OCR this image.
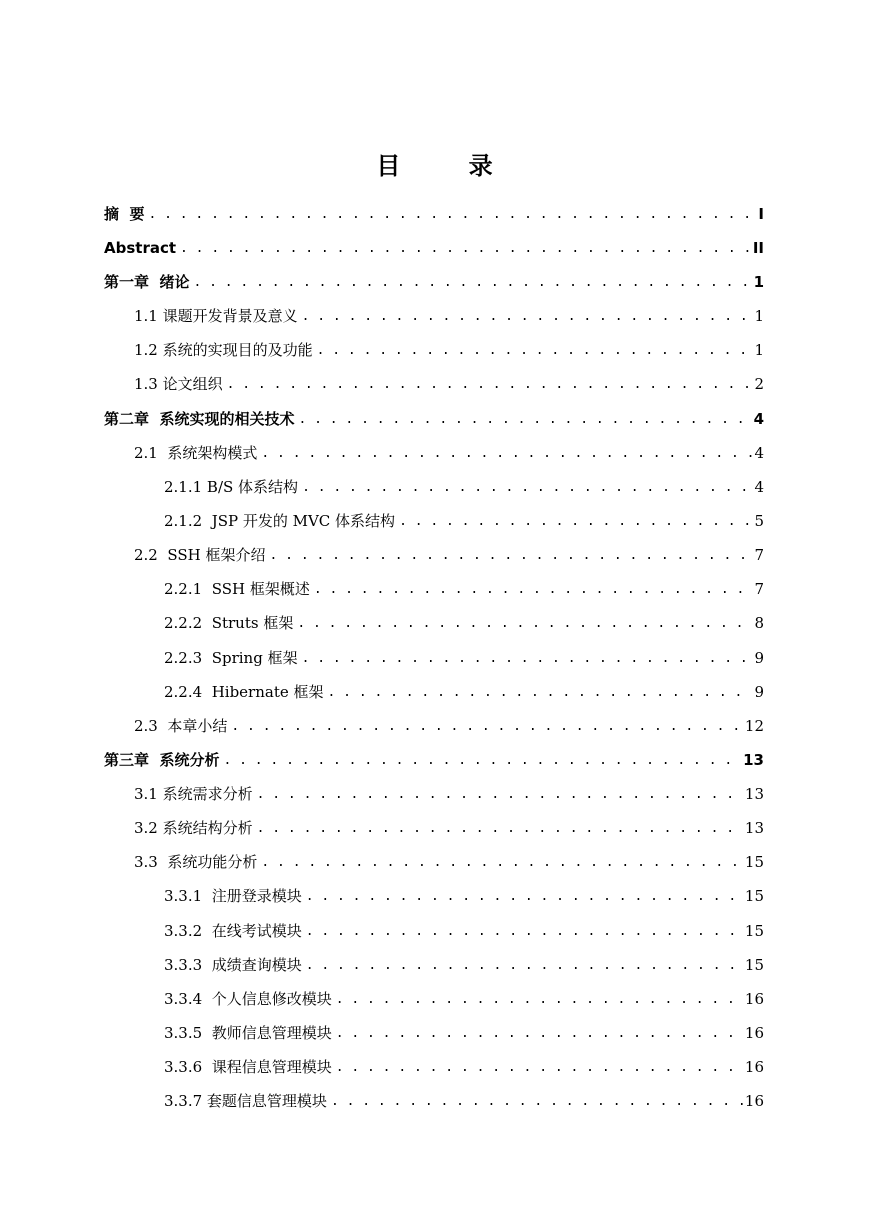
目 录
摘  要 . . .	I
Abstract . . .	II
第一章  绪论 . . .	1
1.1 课题开发背景及意义 . . .	1
1.2 系统的实现目的及功能 . . .	1
1.3 论文组织 . . .	2
第二章  系统实现的相关技术 . . .	4
2.1  系统架构模式 . . .	4
2.1.1 B/S 体系结构 . . .	4
2.1.2  JSP 开发的 MVC 体系结构 . . .	5
2.2  SSH 框架介绍 . . .	7
2.2.1  SSH 框架概述 . . .	7
2.2.2  Struts 框架 . . .	8
2.2.3  Spring 框架 . . .	9
2.2.4  Hibernate 框架 . . .	9
2.3  本章小结 . . .	12
第三章  系统分析 . . .	13
3.1 系统需求分析 . . .	13
3.2 系统结构分析 . . .	13
3.3  系统功能分析 . . .	15
3.3.1  注册登录模块 . . .	15
3.3.2  在线考试模块 . . .	15
3.3.3  成绩查询模块 . . .	15
3.3.4  个人信息修改模块 . . .	16
3.3.5  教师信息管理模块 . . .	16
3.3.6  课程信息管理模块 . . .	16
3.3.7 套题信息管理模块 . . .	16
